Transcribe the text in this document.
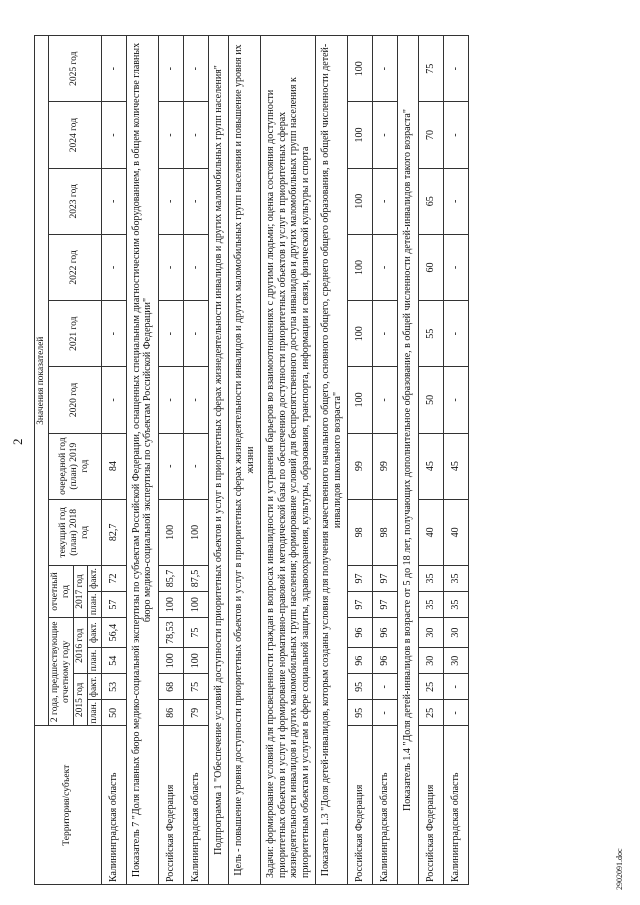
2
2902091.doc
Территория/субъект	Значения показателей													
	2 года, предшествующие отчетному году				отчетный год		текущий год (план) 2018 год	очередной год (план) 2019 год	2020 год	2021 год	2022 год	2023 год	2024 год	2025 год
	2015 год		2016 год		2017 год									
	план.	факт.	план.	факт.	план.	факт.								
Калининградская область	50	53	54	56,4	57	72	82,7	84	-	-	-	-	-	-
Показатель 7 "Доля главных бюро медико-социальной экспертизы по субъектам Российской Федерации, оснащенных специальным диагностическим оборудованием, в общем количестве главных бюро медико-социальной экспертизы по субъектам Российской Федерации"														
Российская Федерация	86	68	100	78,53	100	85,7	100	-	-	-	-	-	-	-
Калининградская область	79	75	100	75	100	87,5	100	-	-	-	-	-	-	-
Подпрограмма 1 "Обеспечение условий доступности приоритетных объектов и услуг в приоритетных сферах жизнедеятельности инвалидов и других маломобильных групп населения"														
Цель - повышение уровня доступности приоритетных объектов и услуг в приоритетных сферах жизнедеятельности инвалидов и других маломобильных групп населения и повышение уровня их жизни														
Задачи: формирование условий для просвещенности граждан в вопросах инвалидности и устранения барьеров во взаимоотношениях с другими людьми; оценка состояния доступности приоритетных объектов и услуг и формирование нормативно-правовой и методической базы по обеспечению доступности приоритетных объектов и услуг в приоритетных сферах жизнедеятельности инвалидов и других маломобильных групп населения; формирование условий для беспрепятственного доступа инвалидов и других маломобильных групп населения к приоритетным объектам и услугам в сфере социальной защиты, здравоохранения, культуры, образования, транспорта, информации и связи, физической культуры и спорта														
Показатель 1.3 "Доля детей-инвалидов, которым созданы условия для получения качественного начального общего, основного общего, среднего общего образования, в общей численности детей-инвалидов школьного возраста"														
Российская Федерация	95	95	96	96	97	97	98	99	100	100	100	100	100	100
Калининградская область	-	-	96	96	97	97	98	99	-	-	-	-	-	-
Показатель 1.4 "Доля детей-инвалидов в возрасте от 5 до 18 лет, получающих дополнительное образование, в общей численности детей-инвалидов такого возраста"														
Российская Федерация	25	25	30	30	35	35	40	45	50	55	60	65	70	75
Калининградская область	-	-	30	30	35	35	40	45	-	-	-	-	-	-
